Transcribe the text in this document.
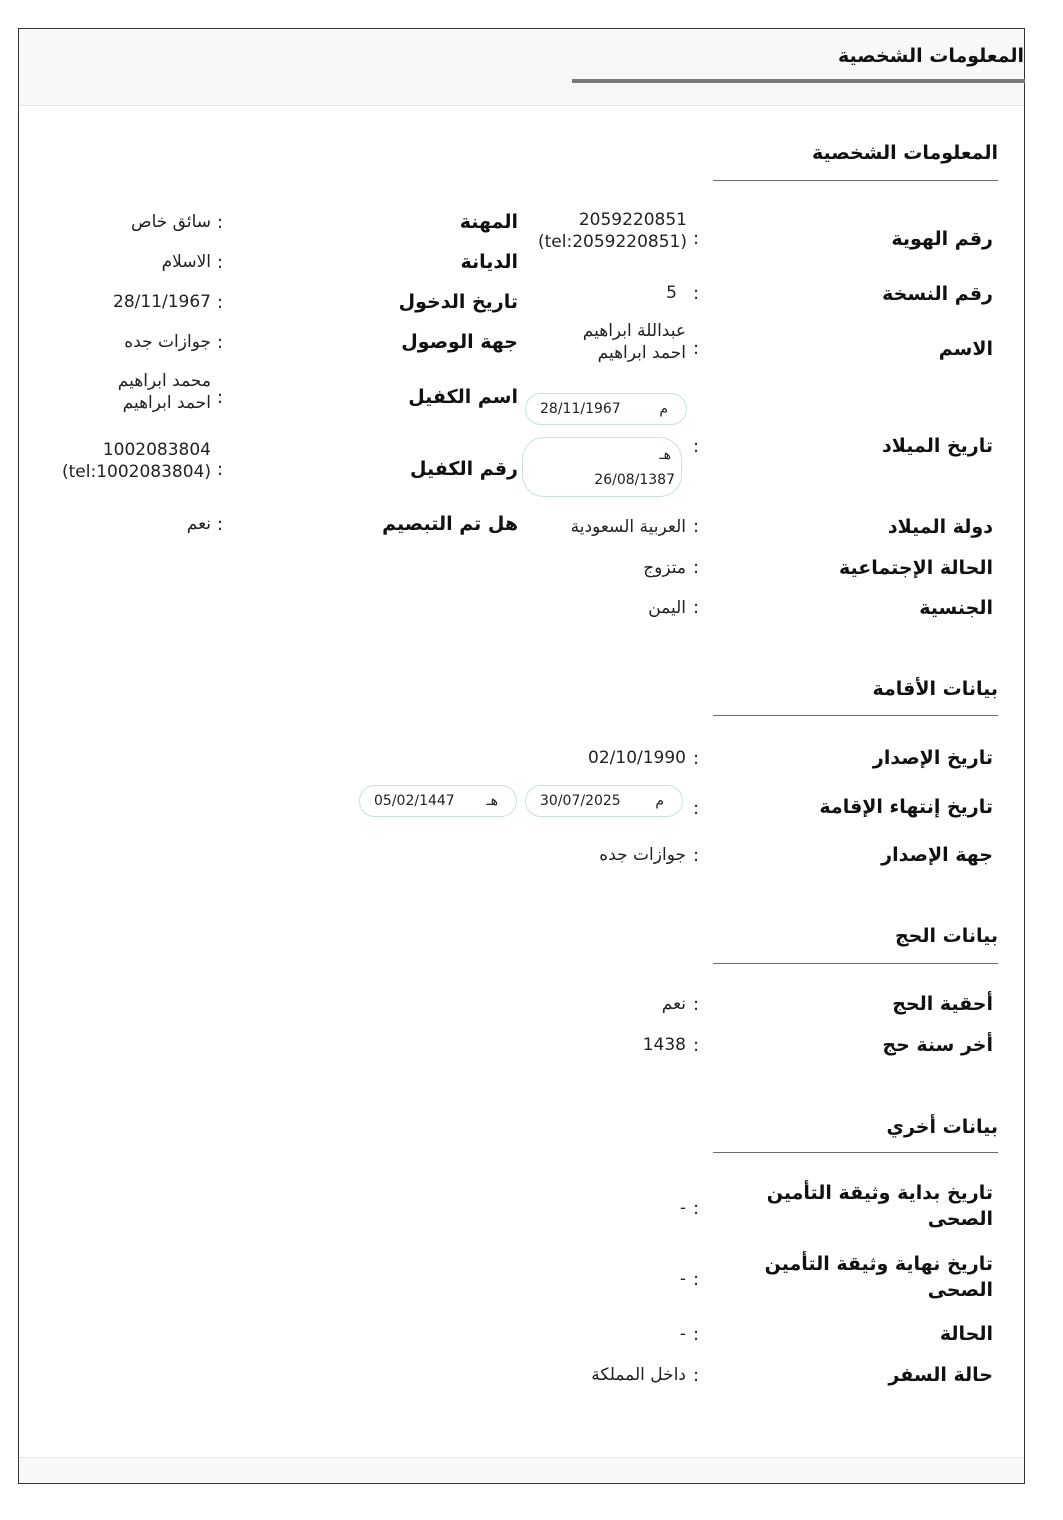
المعلومات الشخصية
المعلومات الشخصية
رقم الهوية
:
2059220851
(tel:2059220851)
رقم النسخة
:
5
الاسم
:
عبداللة ابراهيم
احمد ابراهيم
م
28/11/1967
تاريخ الميلاد
:
هـ
26/08/1387
دولة الميلاد
:
العربية السعودية
الحالة الإجتماعية
:
متزوج
الجنسية
:
اليمن
المهنة
:
سائق خاص
الديانة
:
الاسلام
تاريخ الدخول
:
28/11/1967
جهة الوصول
:
جوازات جده
اسم الكفيل
:
محمد ابراهيم
احمد ابراهيم
رقم الكفيل
:
1002083804
(tel:1002083804)
هل تم التبصيم
:
نعم
بيانات الأقامة
تاريخ الإصدار
:
02/10/1990
تاريخ إنتهاء الإقامة
:
م
30/07/2025
هـ
05/02/1447
جهة الإصدار
:
جوازات جده
بيانات الحج
أحقية الحج
:
نعم
أخر سنة حج
:
1438
بيانات أخري
تاريخ بداية وثيقة التأمين الصحى
:
-
تاريخ نهاية وثيقة التأمين الصحى
:
-
الحالة
:
-
حالة السفر
:
داخل المملكة
